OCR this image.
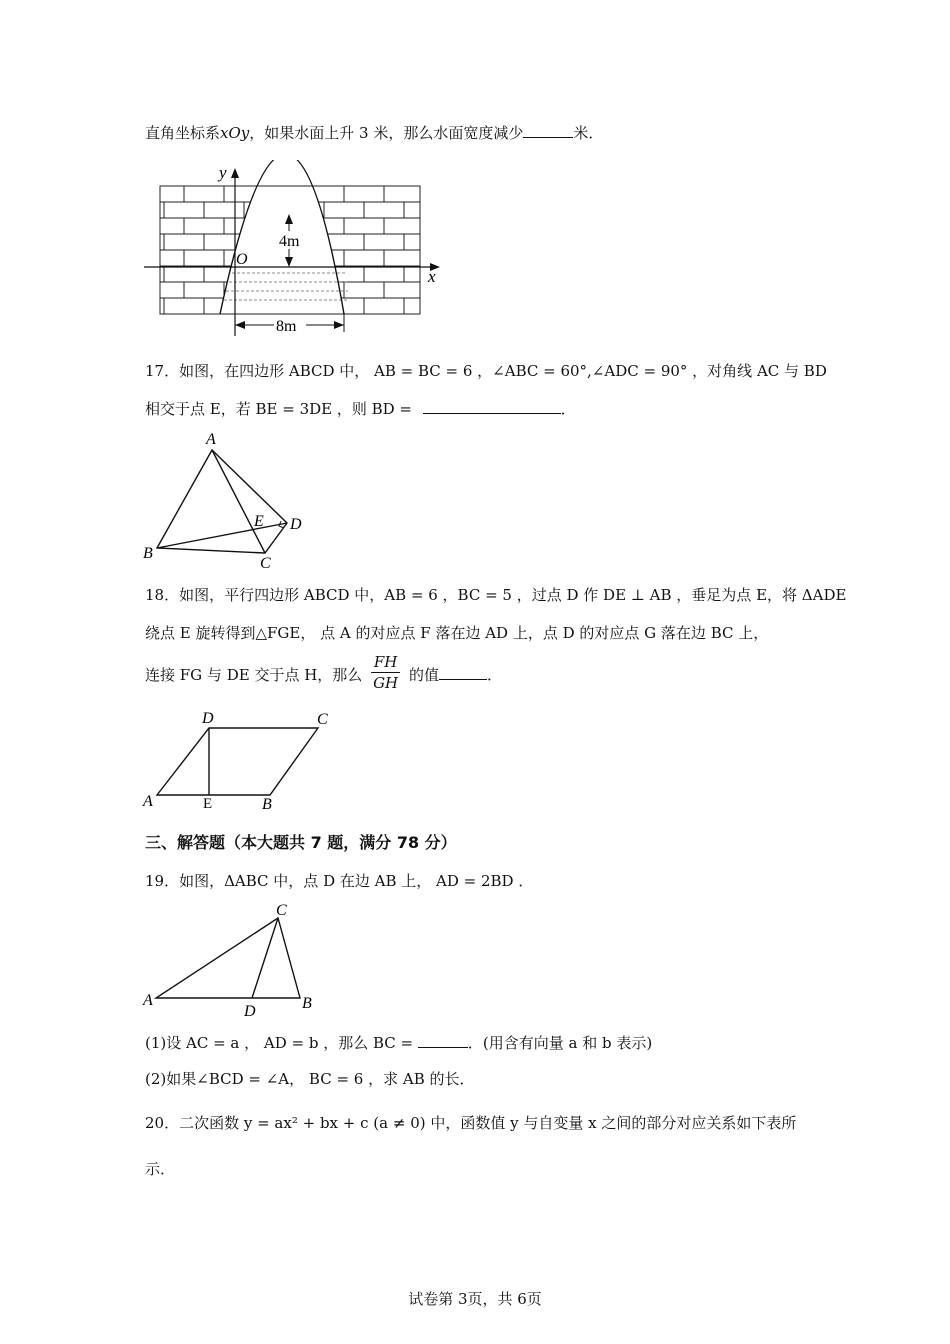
直角坐标系xOy，如果水面上升 3 米，那么水面宽度减少	米．
y
x
O
4m
8m
17．如图，在四边形 ABCD 中， AB = BC = 6 ，∠ABC = 60°,∠ADC = 90° ，对角线 AC 与 BD
相交于点 E，若 BE = 3DE ，则 BD =	．
A
B
C
D
E
18．如图，平行四边形 ABCD 中，AB = 6 ，BC = 5 ，过点 D 作 DE ⊥ AB ，垂足为点 E，将 ΔADE
绕点 E 旋转得到△FGE， 点 A 的对应点 F 落在边 AD 上，点 D 的对应点 G 落在边 BC 上，
连接 FG 与 DE 交于点 H，那么 $\frac{FH}{GH}$ 的值	．
A	E	B
D	C
三、解答题（本大题共 7 题，满分 78 分）
19．如图，ΔABC 中，点 D 在边 AB 上， AD = 2BD ．
A	B
C
D
(1)设 AC = a ， AD = b ，那么 BC =	．(用含有向量 a 和 b 表示)
(2)如果∠BCD = ∠A， BC = 6 ，求 AB 的长．
20．二次函数 y = ax² + bx + c (a ≠ 0) 中，函数值 y 与自变量 x 之间的部分对应关系如下表所
示．
试卷第 3页，共 6页
